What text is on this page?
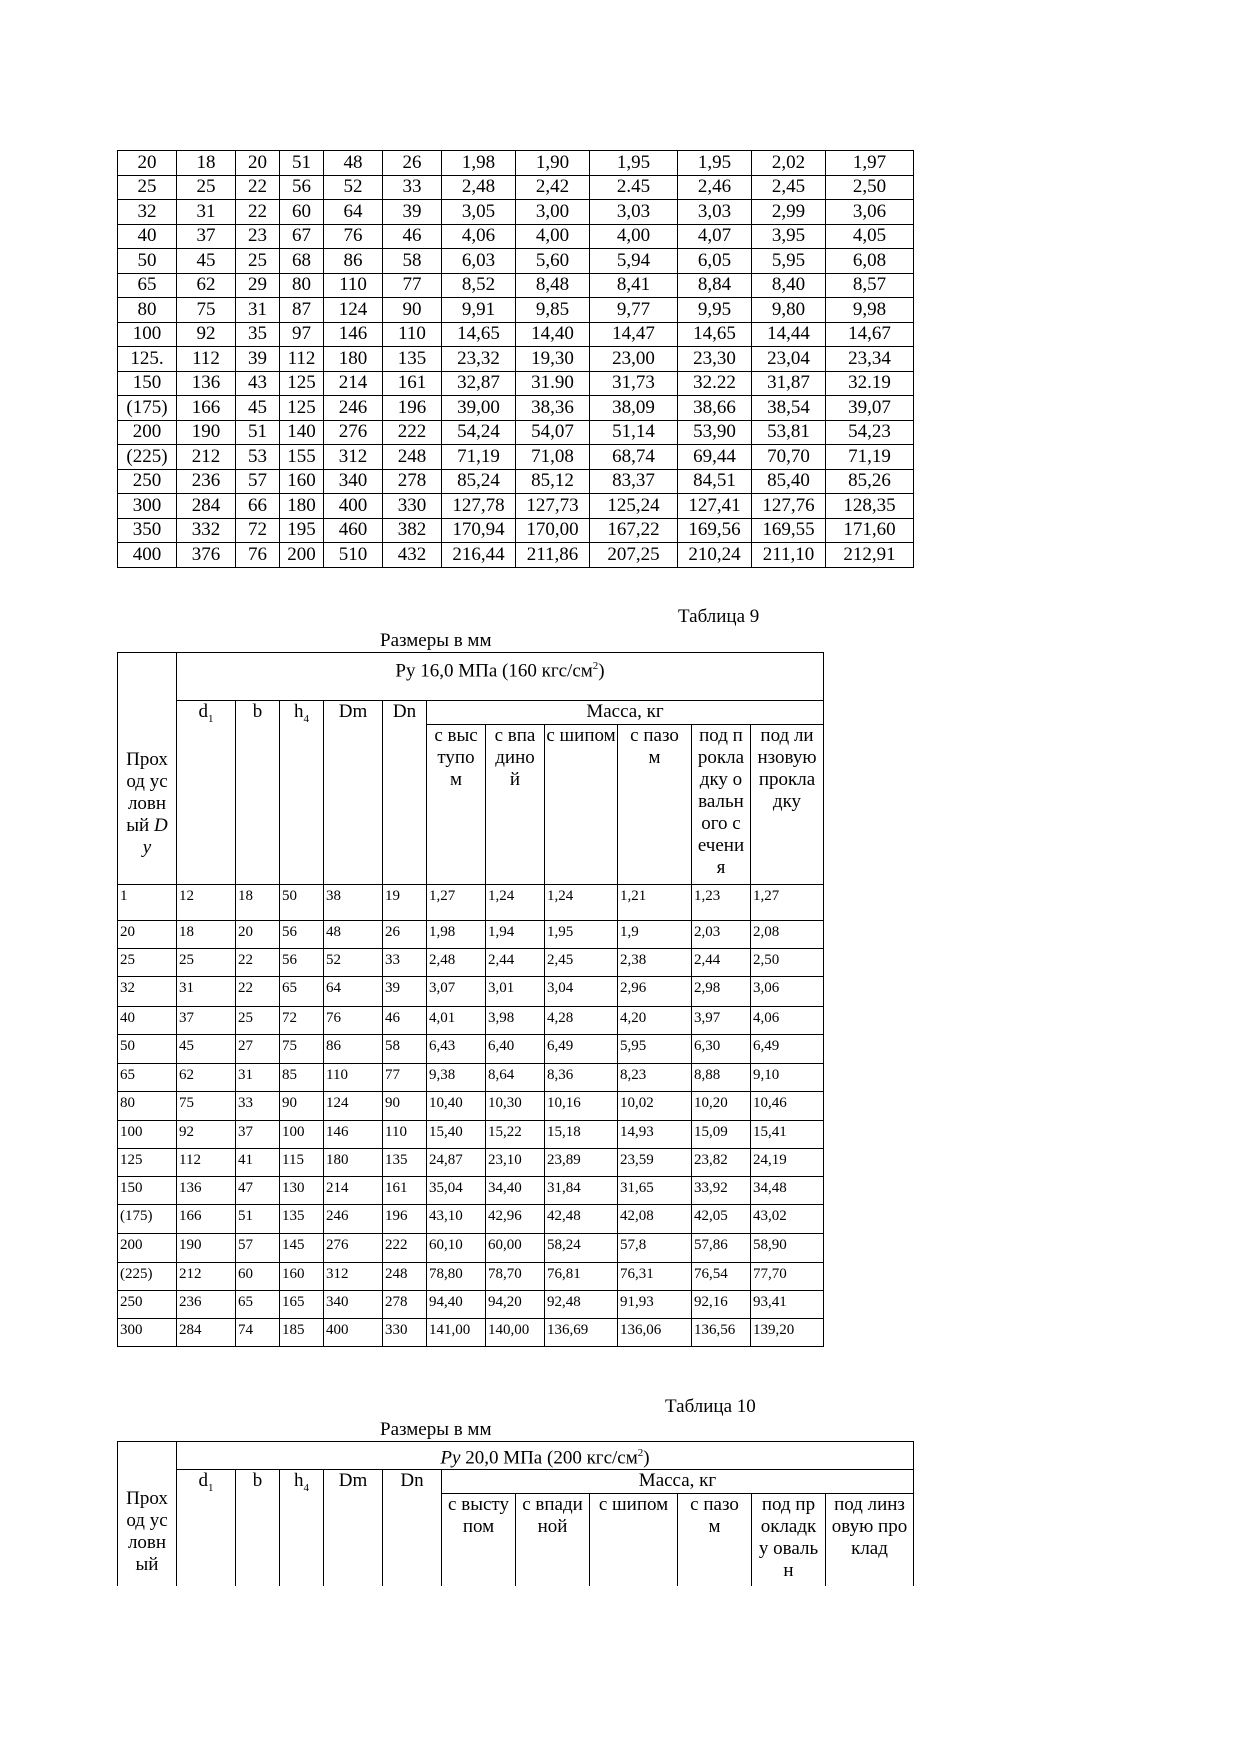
20	18	20	51	48	26	1,98	1,90	1,95	1,95	2,02	1,97
25	25	22	56	52	33	2,48	2,42	2.45	2,46	2,45	2,50
32	31	22	60	64	39	3,05	3,00	3,03	3,03	2,99	3,06
40	37	23	67	76	46	4,06	4,00	4,00	4,07	3,95	4,05
50	45	25	68	86	58	6,03	5,60	5,94	6,05	5,95	6,08
65	62	29	80	110	77	8,52	8,48	8,41	8,84	8,40	8,57
80	75	31	87	124	90	9,91	9,85	9,77	9,95	9,80	9,98
100	92	35	97	146	110	14,65	14,40	14,47	14,65	14,44	14,67
125.	112	39	112	180	135	23,32	19,30	23,00	23,30	23,04	23,34
150	136	43	125	214	161	32,87	31.90	31,73	32.22	31,87	32.19
(175)	166	45	125	246	196	39,00	38,36	38,09	38,66	38,54	39,07
200	190	51	140	276	222	54,24	54,07	51,14	53,90	53,81	54,23
(225)	212	53	155	312	248	71,19	71,08	68,74	69,44	70,70	71,19
250	236	57	160	340	278	85,24	85,12	83,37	84,51	85,40	85,26
300	284	66	180	400	330	127,78	127,73	125,24	127,41	127,76	128,35
350	332	72	195	460	382	170,94	170,00	167,22	169,56	169,55	171,60
400	376	76	200	510	432	216,44	211,86	207,25	210,24	211,10	212,91
Таблица 9
Размеры в мм
Проход условный Dy	Ру 16,0 МПа (160 кгс/$см^2$)										
	$d_1$	b	$h_4$	Dm	Dn	Масса, кг					

						с выступом	с впадиной	с шипом	с пазом	под прокладку овального сечения	под линзовую прокладку

1	12	18	50	38	19	1,27	1,24	1,24	1,21	1,23	1,27
20	18	20	56	48	26	1,98	1,94	1,95	1,9	2,03	2,08
25	25	22	56	52	33	2,48	2,44	2,45	2,38	2,44	2,50
32	31	22	65	64	39	3,07	3,01	3,04	2,96	2,98	3,06
40	37	25	72	76	46	4,01	3,98	4,28	4,20	3,97	4,06
50	45	27	75	86	58	6,43	6,40	6,49	5,95	6,30	6,49
65	62	31	85	110	77	9,38	8,64	8,36	8,23	8,88	9,10
80	75	33	90	124	90	10,40	10,30	10,16	10,02	10,20	10,46
100	92	37	100	146	110	15,40	15,22	15,18	14,93	15,09	15,41
125	112	41	115	180	135	24,87	23,10	23,89	23,59	23,82	24,19
150	136	47	130	214	161	35,04	34,40	31,84	31,65	33,92	34,48
(175)	166	51	135	246	196	43,10	42,96	42,48	42,08	42,05	43,02
200	190	57	145	276	222	60,10	60,00	58,24	57,8	57,86	58,90
(225)	212	60	160	312	248	78,80	78,70	76,81	76,31	76,54	77,70
250	236	65	165	340	278	94,40	94,20	92,48	91,93	92,16	93,41
300	284	74	185	400	330	141,00	140,00	136,69	136,06	136,56	139,20
Таблица 10
Размеры в мм
Проход условный	Ру 20,0 МПа (200 кгс/$см^2$)										
	$d_1$	b	$h_4$	Dm	Dn	Масса, кг					

						с выступом	с впадиной	с шипом	с пазом	под прокладку овальн	под линзовую проклад
